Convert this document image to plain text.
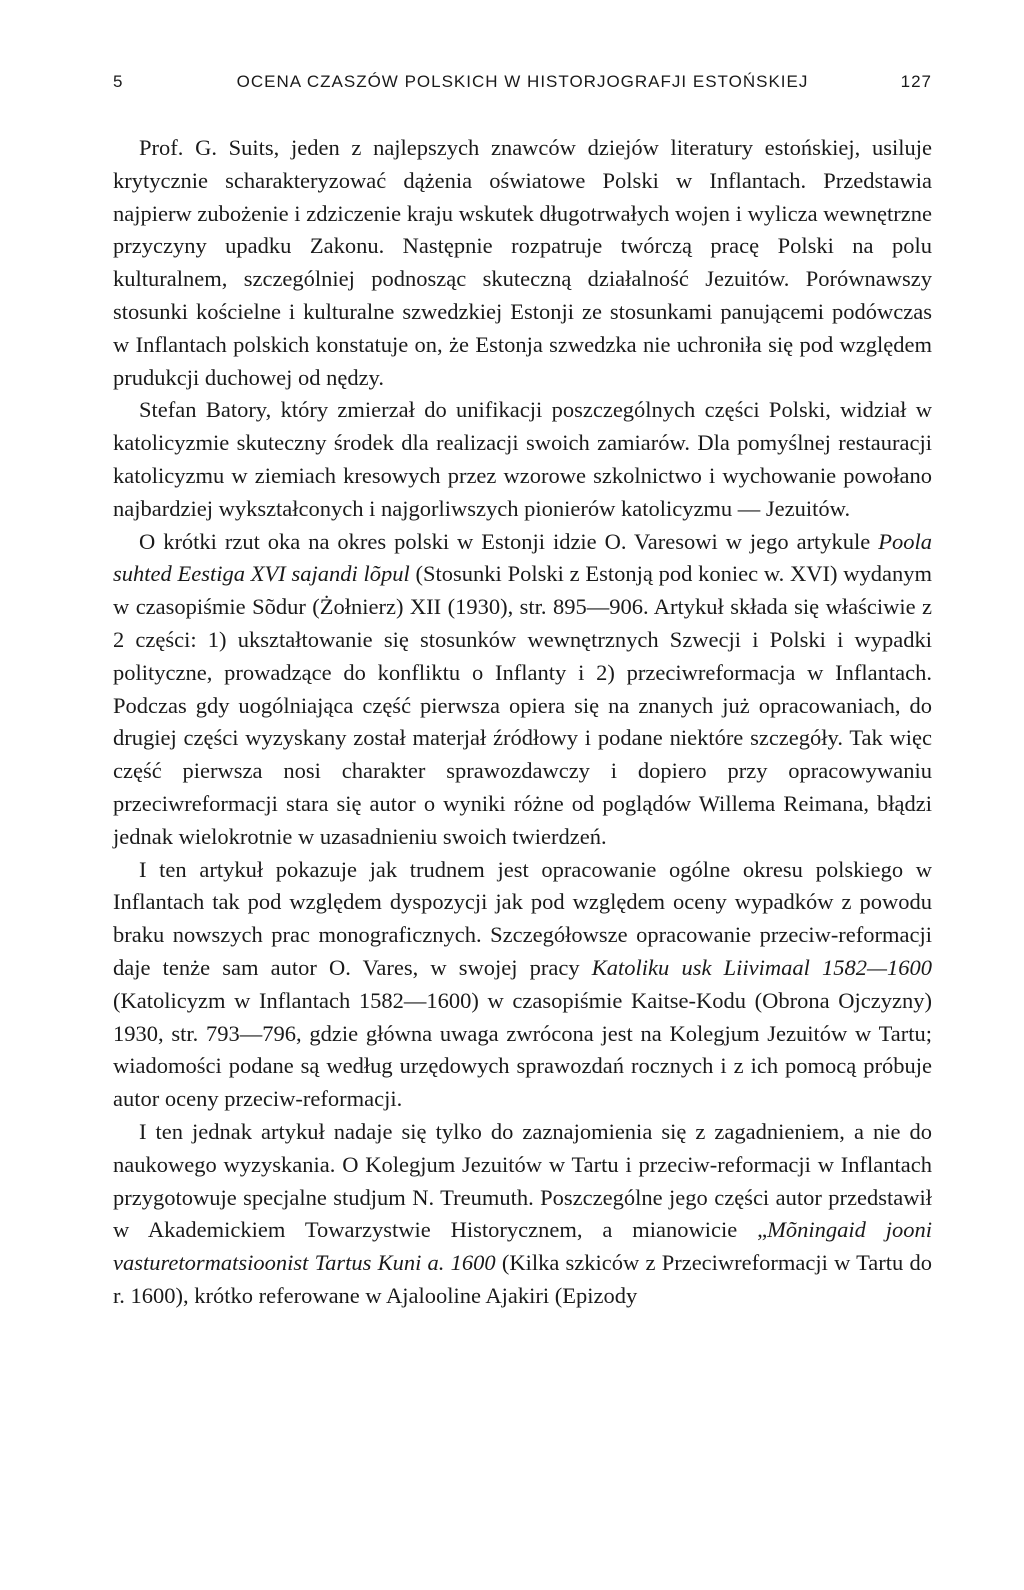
5	OCENA CZASZÓW POLSKICH W HISTORJOGRAFJI ESTOŃSKIEJ	127

Prof. G. Suits, jeden z najlepszych znawców dziejów literatury estońskiej, usiluje krytycznie scharakteryzować dążenia oświatowe Polski w Inflantach. Przedstawia najpierw zubożenie i zdziczenie kraju wskutek długotrwałych wojen i wylicza wewnętrzne przyczyny upadku Zakonu. Następnie rozpatruje twórczą pracę Polski na polu kulturalnem, szczególniej podnosząc skuteczną działalność Jezuitów. Porównawszy stosunki kościelne i kulturalne szwedzkiej Estonji ze stosunkami panującemi podówczas w Inflantach polskich konstatuje on, że Estonja szwedzka nie uchroniła się pod względem prudukcji duchowej od nędzy.

Stefan Batory, który zmierzał do unifikacji poszczególnych części Polski, widział w katolicyzmie skuteczny środek dla realizacji swoich zamiarów. Dla pomyślnej restauracji katolicyzmu w ziemiach kresowych przez wzorowe szkolnictwo i wychowanie powołano najbardziej wykształconych i najgorliwszych pionierów katolicyzmu — Jezuitów.

O krótki rzut oka na okres polski w Estonji idzie O. Varesowi w jego artykule Poola suhted Eestiga XVI sajandi lõpul (Stosunki Polski z Estonją pod koniec w. XVI) wydanym w czasopiśmie Sõdur (Żołnierz) XII (1930), str. 895—906. Artykuł składa się właściwie z 2 części: 1) ukształtowanie się stosunków wewnętrznych Szwecji i Polski i wypadki polityczne, prowadzące do konfliktu o Inflanty i 2) przeciwreformacja w Inflantach. Podczas gdy uogólniająca część pierwsza opiera się na znanych już opracowaniach, do drugiej części wyzyskany został materjał źródłowy i podane niektóre szczegóły. Tak więc część pierwsza nosi charakter sprawozdawczy i dopiero przy opracowywaniu przeciwreformacji stara się autor o wyniki różne od poglądów Willema Reimana, błądzi jednak wielokrotnie w uzasadnieniu swoich twierdzeń.

I ten artykuł pokazuje jak trudnem jest opracowanie ogólne okresu polskiego w Inflantach tak pod względem dyspozycji jak pod względem oceny wypadków z powodu braku nowszych prac monograficznych. Szczegółowsze opracowanie przeciw-reformacji daje tenże sam autor O. Vares, w swojej pracy Katoliku usk Liivimaal 1582—1600 (Katolicyzm w Inflantach 1582—1600) w czasopiśmie Kaitse-Kodu (Obrona Ojczyzny) 1930, str. 793—796, gdzie główna uwaga zwrócona jest na Kolegjum Jezuitów w Tartu; wiadomości podane są według urzędowych sprawozdań rocznych i z ich pomocą próbuje autor oceny przeciw-reformacji.

I ten jednak artykuł nadaje się tylko do zaznajomienia się z zagadnieniem, a nie do naukowego wyzyskania. O Kolegjum Jezuitów w Tartu i przeciw-reformacji w Inflantach przygotowuje specjalne studjum N. Treumuth. Poszczególne jego części autor przedstawił w Akademickiem Towarzystwie Historycznem, a mianowicie „Mõningaid jooni vasturetormatsioonist Tartus Kuni a. 1600 (Kilka szkiców z Przeciwreformacji w Tartu do r. 1600), krótko referowane w Ajalooline Ajakiri (Epizody
